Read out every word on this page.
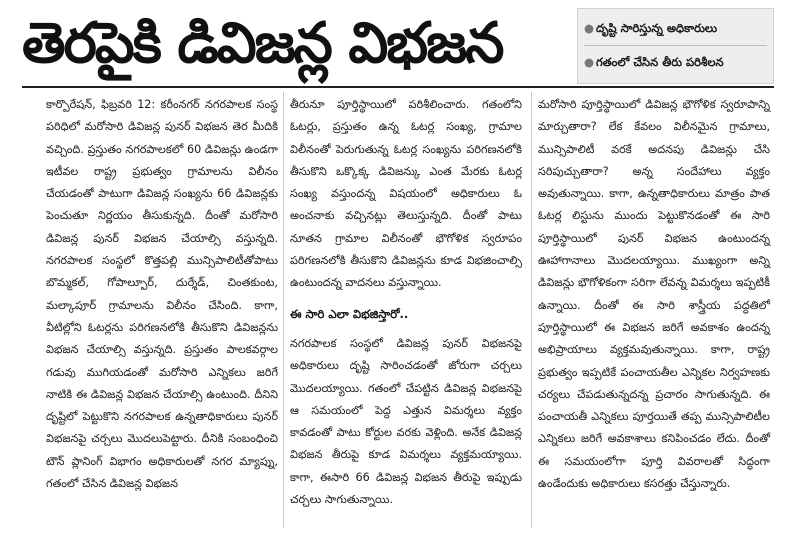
తెరపైకి డివిజన్ల విభజన	● దృష్టి సారిస్తున్న అధికారులు
● గతంలో చేసిన తీరు పరిశీలన

కార్పొరేషన్, ఫిబ్రవరి 12: కరీంనగర్ నగరపాలక సంస్థ పరిధిలో మరోసారి డివిజన్ల పునర్ విభజన తెర మీదికి వచ్చింది. ప్రస్తుతం నగరపాలకలో 60 డివిజన్లు ఉండగా ఇటీవల రాష్ట్ర ప్రభుత్వం గ్రామాలను విలీనం చేయడంతో పాటుగా డివిజన్ల సంఖ్యను 66 డివిజన్లకు పెంచుతూ నిర్ణయం తీసుకున్నది. దీంతో మరోసారి డివిజన్ల పునర్ విభజన చేయాల్సి వస్తున్నది. నగరపాలక సంస్థలో కొత్తపల్లి మున్సిపాలిటీతోపాటు బొమ్మకల్, గోపాల్పూర్, దుర్శేడ్, చింతకుంట, మల్కాపూర్ గ్రామాలను విలీనం చేసింది. కాగా, వీటిల్లోని ఓటర్లను పరిగణనలోకి తీసుకొని డివిజన్లను విభజన చేయాల్సి వస్తున్నది. ప్రస్తుతం పాలకవర్గాల గడువు ముగియడంతో మరోసారి ఎన్నికలు జరిగే నాటికి ఈ డివిజన్ల విభజన చేయాల్సి ఉంటుంది. దీనిని దృష్టిలో పెట్టుకొని నగరపాలక ఉన్నతాధికారులు పునర్ విభజనపై చర్చలు మొదలుపెట్టారు. దీనికి సంబంధించి టౌన్ ప్లానింగ్ విభాగం అధికారులతో నగర మ్యాప్ను, గతంలో చేసిన డివిజన్ల విభజన

తీరునూ పూర్తిస్థాయిలో పరిశీలించారు. గతంలోని ఓటర్లు, ప్రస్తుతం ఉన్న ఓటర్ల సంఖ్య, గ్రామాల విలీనంతో పెరుగుతున్న ఓటర్ల సంఖ్యను పరిగణనలోకి తీసుకొని ఒక్కొక్క డివిజన్కు ఎంత మేరకు ఓటర్ల సంఖ్య వస్తుందన్న విషయంలో అధికారులు ఓ అంచనాకు వచ్చినట్లు తెలుస్తున్నది. దీంతో పాటు నూతన గ్రామాల విలీనంతో భౌగోళిక స్వరూపం పరిగణనలోకి తీసుకొని డివిజన్లను కూడ విభజించాల్సి ఉంటుందన్న వాదనలు వస్తున్నాయి.

ఈ సారి ఎలా విభజిస్తారో..

నగరపాలక సంస్థలో డివిజన్ల పునర్ విభజనపై అధికారులు దృష్టి సారించడంతో జోరుగా చర్చలు మొదలయ్యాయి. గతంలో చేపట్టిన డివిజన్ల విభజనపై ఆ సమయంలో పెద్ద ఎత్తున విమర్శలు వ్యక్తం కావడంతో పాటు కోర్టుల వరకు వెళ్లింది. అనేక డివిజన్ల విభజన తీరుపై కూడ విమర్శలు వ్యక్తమయ్యాయి. కాగా, ఈసారి 66 డివిజన్ల విభజన తీరుపై ఇప్పుడు చర్చలు సాగుతున్నాయి.

మరోసారి పూర్తిస్థాయిలో డివిజన్ల భౌగోళిక స్వరూపాన్ని మార్చుతారా? లేక కేవలం విలీనమైన గ్రామాలు, మున్సిపాలిటీ వరకే అదనపు డివిజన్లు చేసి సరిపుచ్చుతారా? అన్న సందేహాలు వ్యక్తం అవుతున్నాయి. కాగా, ఉన్నతాధికారులు మాత్రం పాత ఓటర్ల లిస్టును ముందు పెట్టుకొనడంతో ఈ సారి పూర్తిస్థాయిలో పునర్ విభజన ఉంటుందన్న ఊహాగానాలు మొదలయ్యాయి. ముఖ్యంగా అన్ని డివిజన్లు భౌగోళికంగా సరిగా లేవన్న విమర్శలు ఇప్పటికీ ఉన్నాయి. దీంతో ఈ సారి శాస్త్రీయ పద్ధతిలో పూర్తిస్థాయిలో ఈ విభజన జరిగే అవకాశం ఉందన్న అభిప్రాయాలు వ్యక్తమవుతున్నాయి. కాగా, రాష్ట్ర ప్రభుత్వం ఇప్పటికే పంచాయతీల ఎన్నికల నిర్వహణకు చర్యలు చేపడుతున్నదన్న ప్రచారం సాగుతున్నది. ఈ పంచాయతీ ఎన్నికలు పూర్తయితే తప్ప మున్సిపాలిటీల ఎన్నికలు జరిగే అవకాశాలు కనిపించడం లేదు. దీంతో ఈ సమయంలోగా పూర్తి వివరాలతో సిద్ధంగా ఉండేందుకు అధికారులు కసరత్తు చేస్తున్నారు.
